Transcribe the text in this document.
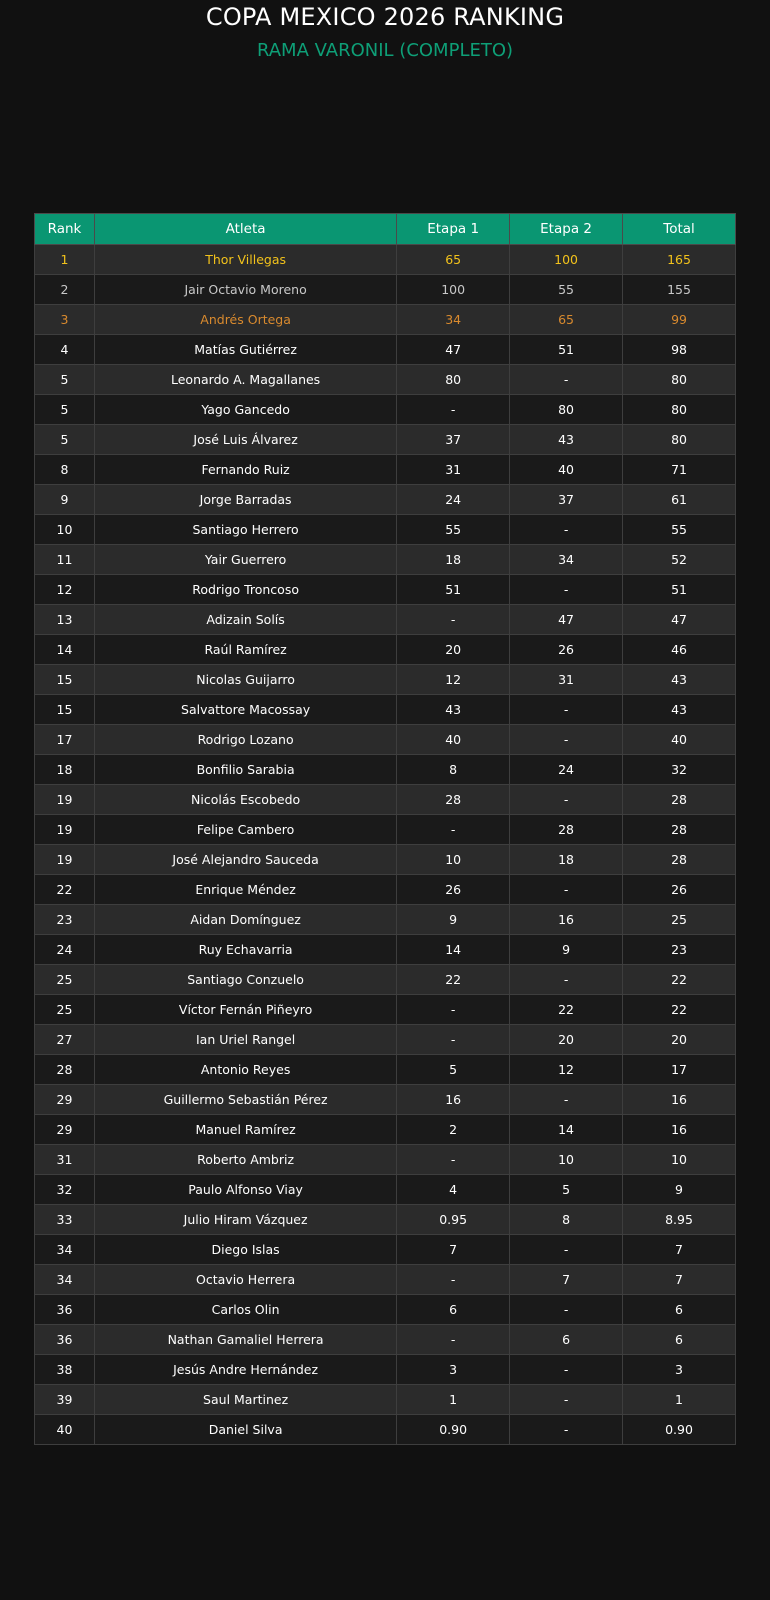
COPA MEXICO 2026 RANKING
RAMA VARONIL (COMPLETO)
Rank	Atleta	Etapa 1	Etapa 2	Total
1	Thor Villegas	65	100	165
2	Jair Octavio Moreno	100	55	155
3	Andrés Ortega	34	65	99
4	Matías Gutiérrez	47	51	98
5	Leonardo A. Magallanes	80	-	80
5	Yago Gancedo	-	80	80
5	José Luis Álvarez	37	43	80
8	Fernando Ruiz	31	40	71
9	Jorge Barradas	24	37	61
10	Santiago Herrero	55	-	55
11	Yair Guerrero	18	34	52
12	Rodrigo Troncoso	51	-	51
13	Adizain Solís	-	47	47
14	Raúl Ramírez	20	26	46
15	Nicolas Guijarro	12	31	43
15	Salvattore Macossay	43	-	43
17	Rodrigo Lozano	40	-	40
18	Bonfilio Sarabia	8	24	32
19	Nicolás Escobedo	28	-	28
19	Felipe Cambero	-	28	28
19	José Alejandro Sauceda	10	18	28
22	Enrique Méndez	26	-	26
23	Aidan Domínguez	9	16	25
24	Ruy Echavarria	14	9	23
25	Santiago Conzuelo	22	-	22
25	Víctor Fernán Piñeyro	-	22	22
27	Ian Uriel Rangel	-	20	20
28	Antonio Reyes	5	12	17
29	Guillermo Sebastián Pérez	16	-	16
29	Manuel Ramírez	2	14	16
31	Roberto Ambriz	-	10	10
32	Paulo Alfonso Viay	4	5	9
33	Julio Hiram Vázquez	0.95	8	8.95
34	Diego Islas	7	-	7
34	Octavio Herrera	-	7	7
36	Carlos Olin	6	-	6
36	Nathan Gamaliel Herrera	-	6	6
38	Jesús Andre Hernández	3	-	3
39	Saul Martinez	1	-	1
40	Daniel Silva	0.90	-	0.90
